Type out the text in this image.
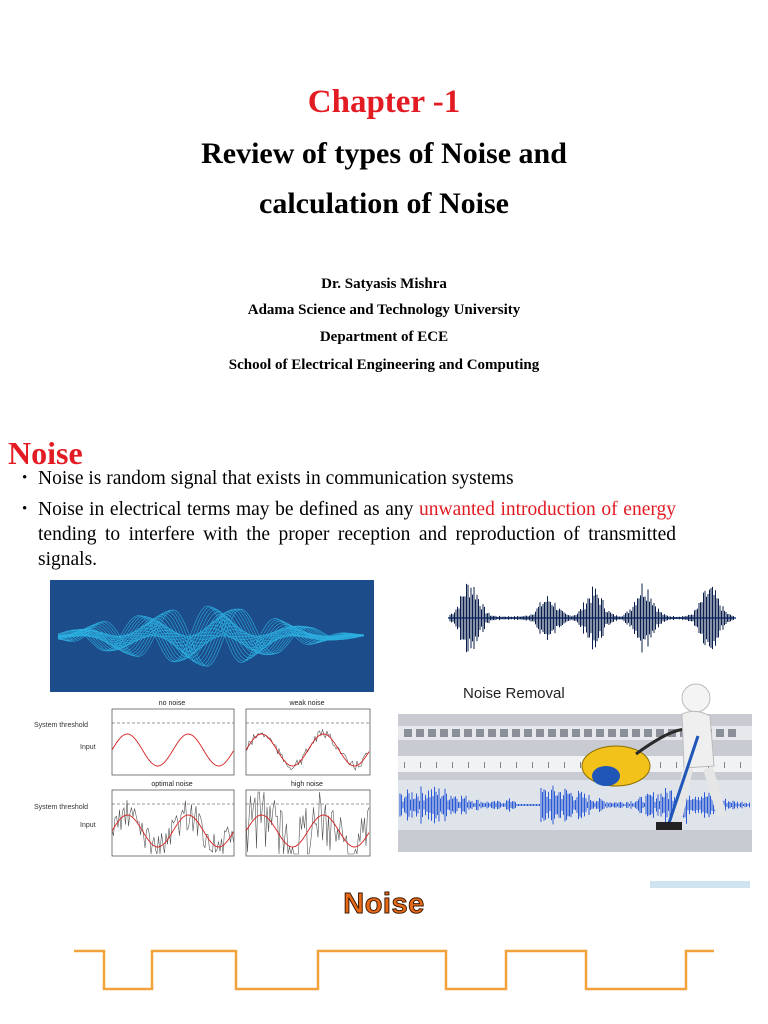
Chapter -1
Review of types of Noise and
calculation of Noise
Dr. Satyasis Mishra
Adama Science and Technology University
Department of ECE
School of Electrical Engineering and Computing
Noise
• Noise is random signal that exists in communication systems
• Noise in electrical terms may be defined as any unwanted introduction of energy tending to interfere with the proper reception and reproduction of transmitted signals.
System threshold
Input
System threshold
Input
no noise	weak noise
optimal noise	high noise
Noise Removal
Noise
